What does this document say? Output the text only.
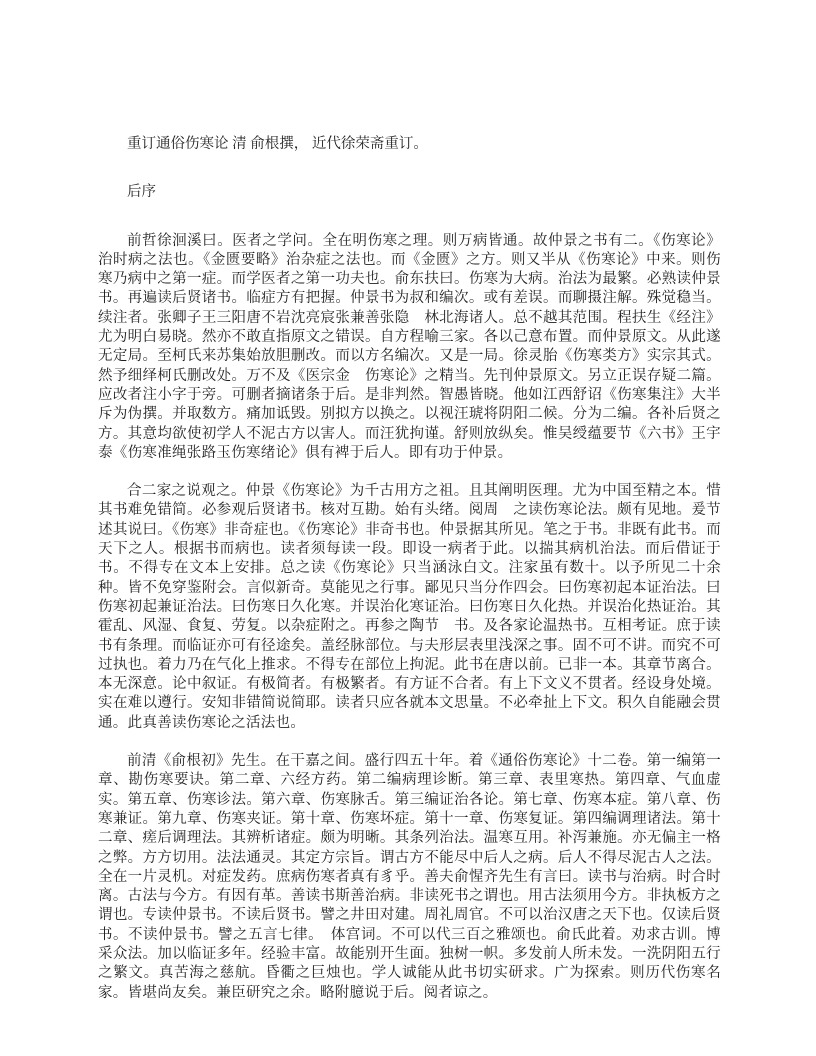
重订通俗伤寒论 清 俞根撰， 近代徐荣斋重订。
后序

前哲徐洄溪曰。医者之学问。全在明伤寒之理。则万病皆通。故仲景之书有二。《伤寒论》治时病之法也。《金匮要略》治杂症之法也。而《金匮》之方。则又半从《伤寒论》中来。则伤寒乃病中之第一症。而学医者之第一功夫也。俞东扶曰。伤寒为大病。治法为最繁。必熟读仲景书。再遍读后贤诸书。临症方有把握。仲景书为叔和编次。或有差误。而聊摄注解。殊觉稳当。续注者。张卿子王三阳唐不岩沈亮宸张兼善张隐　林北海诸人。总不越其范围。程扶生《经注》尤为明白易晓。然亦不敢直指原文之错误。自方程喻三家。各以己意布置。而仲景原文。从此遂无定局。至柯氏来苏集始放胆删改。而以方名编次。又是一局。徐灵胎《伤寒类方》实宗其式。然予细绎柯氏删改处。万不及《医宗金　伤寒论》之精当。先刊仲景原文。另立正误存疑二篇。应改者注小字于旁。可删者摘诸条于后。是非判然。智愚皆晓。他如江西舒诏《伤寒集注》大半斥为伪撰。并取数方。痛加诋毁。别拟方以换之。以视汪琥将阴阳二候。分为二编。各补后贤之方。其意均欲使初学人不泥古方以害人。而汪犹拘谨。舒则放纵矣。惟吴绶蕴要节《六书》王宇泰《伤寒准绳张路玉伤寒绪论》俱有裨于后人。即有功于仲景。

合二家之说观之。仲景《伤寒论》为千古用方之祖。且其阐明医理。尤为中国至精之本。惜其书难免错简。必参观后贤诸书。核对互勘。始有头绪。阅周　之读伤寒论法。颇有见地。爰节述其说曰。《伤寒》非奇症也。《伤寒论》非奇书也。仲景据其所见。笔之于书。非既有此书。而天下之人。根据书而病也。读者须每读一段。即设一病者于此。以揣其病机治法。而后借证于书。不得专在文本上安排。总之读《伤寒论》只当涵泳白文。注家虽有数十。以予所见二十余种。皆不免穿鉴附会。言似新奇。莫能见之行事。鄙见只当分作四会。曰伤寒初起本证治法。曰伤寒初起兼证治法。曰伤寒日久化寒。并误治化寒证治。曰伤寒日久化热。并误治化热证治。其霍乱、风湿、食复、劳复。以杂症附之。再参之陶节　书。及各家论温热书。互相考证。庶于读书有条理。而临证亦可有径途矣。盖经脉部位。与夫形层表里浅深之事。固不可不讲。而究不可过执也。着力乃在气化上推求。不得专在部位上拘泥。此书在唐以前。已非一本。其章节离合。本无深意。论中叙证。有极简者。有极繁者。有方证不合者。有上下文义不贯者。经设身处境。实在难以遵行。安知非错简说简耶。读者只应各就本文思量。不必牵扯上下文。积久自能融会贯通。此真善读伤寒论之活法也。

前清《俞根初》先生。在干嘉之间。盛行四五十年。着《通俗伤寒论》十二卷。第一编第一章、勘伤寒要诀。第二章、六经方药。第二编病理诊断。第三章、表里寒热。第四章、气血虚实。第五章、伤寒诊法。第六章、伤寒脉舌。第三编证治各论。第七章、伤寒本症。第八章、伤寒兼证。第九章、伤寒夹证。第十章、伤寒坏症。第十一章、伤寒复证。第四编调理诸法。第十二章、瘥后调理法。其辨析诸症。颇为明晰。其条列治法。温寒互用。补泻兼施。亦无偏主一格之弊。方方切用。法法通灵。其定方宗旨。谓古方不能尽中后人之病。后人不得尽泥古人之法。全在一片灵机。对症发药。庶病伤寒者真有豸乎。善夫俞惺齐先生有言曰。读书与治病。时合时离。古法与今方。有因有革。善读书斯善治病。非读死书之谓也。用古法须用今方。非执板方之谓也。专读仲景书。不读后贤书。譬之井田对建。周礼周官。不可以治汉唐之天下也。仅读后贤书。不读仲景书。譬之五言七律。　体宫词。不可以代三百之雅颂也。俞氏此着。劝求古训。博采众法。加以临证多年。经验丰富。故能别开生面。独树一帜。多发前人所未发。一洗阴阳五行之繁文。真苦海之慈航。昏衢之巨烛也。学人诚能从此书切实研求。广为探索。则历代伤寒名家。皆堪尚友矣。兼臣研究之余。略附臆说于后。阅者谅之。
